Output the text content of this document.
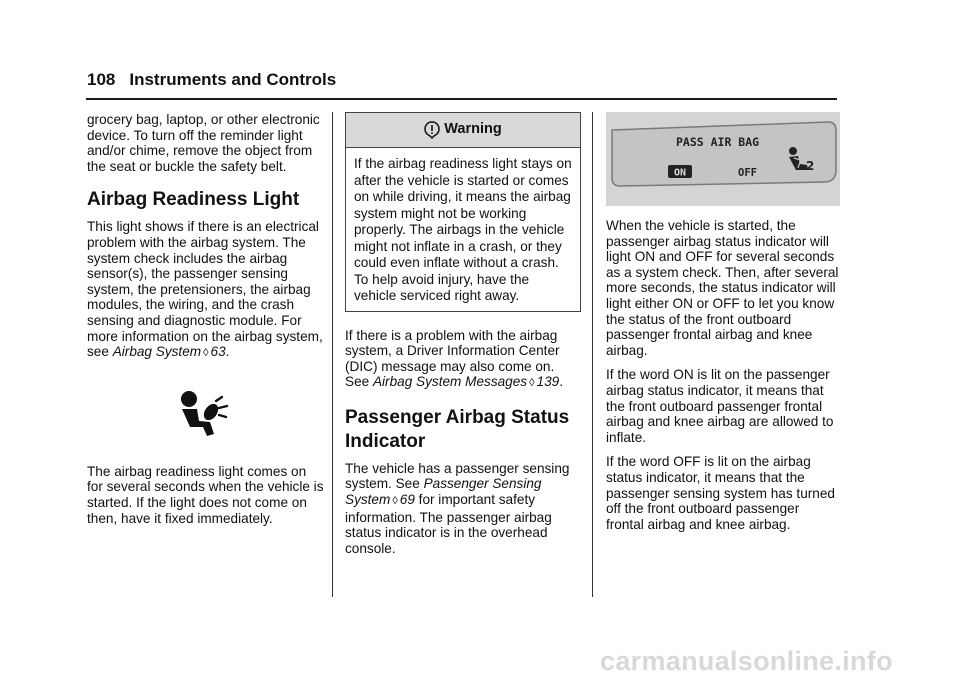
108 Instruments and Controls

grocery bag, laptop, or other electronic device. To turn off the reminder light and/or chime, remove the object from the seat or buckle the safety belt.

Airbag Readiness Light

This light shows if there is an electrical problem with the airbag system. The system check includes the airbag sensor(s), the passenger sensing system, the pretensioners, the airbag modules, the wiring, and the crash sensing and diagnostic module. For more information on the airbag system, see Airbag System ◊ 63.

The airbag readiness light comes on for several seconds when the vehicle is started. If the light does not come on then, have it fixed immediately.

Warning
If the airbag readiness light stays on after the vehicle is started or comes on while driving, it means the airbag system might not be working properly. The airbags in the vehicle might not inflate in a crash, or they could even inflate without a crash. To help avoid injury, have the vehicle serviced right away.

If there is a problem with the airbag system, a Driver Information Center (DIC) message may also come on. See Airbag System Messages ◊ 139.

Passenger Airbag Status Indicator

The vehicle has a passenger sensing system. See Passenger Sensing System ◊ 69 for important safety information. The passenger airbag status indicator is in the overhead console.

PASS AIR BAG
ON	OFF	2

When the vehicle is started, the passenger airbag status indicator will light ON and OFF for several seconds as a system check. Then, after several more seconds, the status indicator will light either ON or OFF to let you know the status of the front outboard passenger frontal airbag and knee airbag.

If the word ON is lit on the passenger airbag status indicator, it means that the front outboard passenger frontal airbag and knee airbag are allowed to inflate.

If the word OFF is lit on the airbag status indicator, it means that the passenger sensing system has turned off the front outboard passenger frontal airbag and knee airbag.

carmanualsonline.info
